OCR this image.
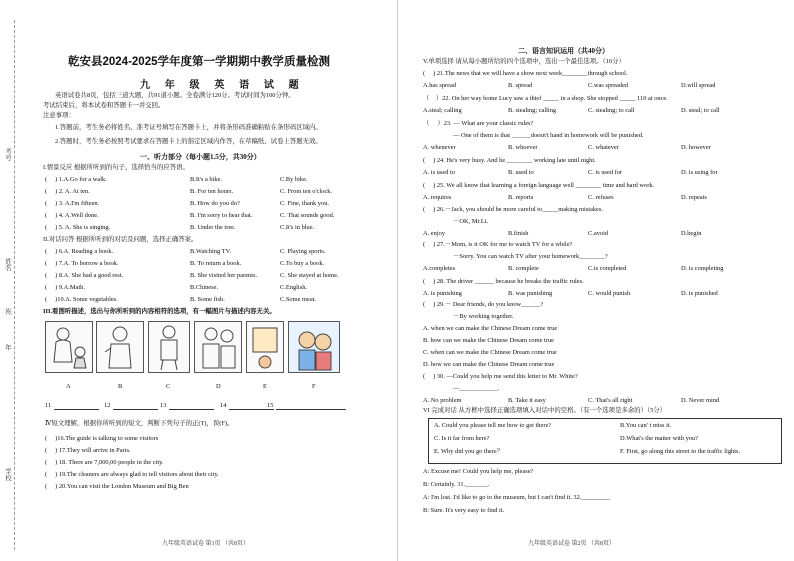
学校
年
班
姓名
考号
乾安县2024-2025学年度第一学期期中教学质量检测
九 年 级 英 语 试 题
英语试卷共8页，包括三道大题，共91道小题。全卷满分120分。考试时间为100分钟。
考试结束后，将本试卷和答题卡一并交回。
注意事项：
1.答题前，考生务必将姓名、准考证号填写在答题卡上，并将条形码准确粘贴在条形码区域内。
2.答题时，考生务必按照考试要求在答题卡上的指定区域内作答，在草稿纸、试卷上答题无效。
一、听力部分（每小题1.5分，共30分）
I.情景反应 根据所听到的句子，选择恰当的应答语。
(　 ) 1.A.Go for a walk.	B.It's a bike.	C.By bike.
(　 ) 2. A. At ten.	B. For ten hours.	C. From ten o'clock.
(　 ) 3. A.I'm fifteen.	B. How do you do?	C. Fine, thank you.
(　 ) 4. A.Well done.	B. I'm sorry to hear that.	C. That sounds good.
(　 ) 5. A. She is singing.	B. Under the tree.	C.It's in blue.
II.对话问答 根据所听到的对话及问题，选择正确答案。
(　 ) 6.A. Reading a book.	B.Watching TV.	C. Playing sports.
(　 ) 7.A. To borrow a book.	B. To return a book.	C.To buy a book.
(　 ) 8.A. She had a good rest.	B. She visited her parents.	C. She stayed at home.
(　 ) 9.A.Math.	B.Chinese.	C.English.
(　 )10.A. Some vegetables.	B. Some fish.	C.Some meat.
III.看图听描述，选出与你所听到的内容相符的选项，有一幅图片与描述内容无关。
A	B	C	D	E	F
11	12	13	14	15
Ⅳ短文理解，根据你所听到的短文，判断下列句子的正(T)，误(F)。
(　 )16.The guide is talking to some visitors
(　 ) 17.They will arrive in Paris.
(　 ) 18. There are 7,000,00 people in the city.
(　 ) 19.The cleaners are always glad to tell visitors about their city.
(　 ) 20.You can visit the London Museum and Big Ben
九年级英语试卷 第1页 （共8页）
二、语言知识运用（共40分）
V.单项选择 请从每小题所给的四个选项中，选出一个最佳选项。（10分）
(　 ) 21.The news that we will have a show next week________through school.
A.has spread	B. spread	C.was spreaded	D.will spread
（　）22. On her way home Lucy saw a thief _____ in a shop. She stopped _____ 110 at once.
A.steal; calling	B. stealing; calling	C. stealing; to call	D. steal; to call
（　 ）23. — What are your classic rules?
— One of them is that ______doesn't hand in homework will be punished.
A. whenever	B. whoever	C. whatever	D. however
(　 ) 24. He's very busy. And he ________ working late until night.
A. is used to	B. used to	C. is used for	D. is using for
(　 ) 25. We all know that learning a foreign language well ________ time and hard work.
A. requires	B. reports	C. refuses	D. repeats
(　 ) 26.－Jack, you should be more careful to_____making mistakes.
－OK, Mr.Li.
A. enjoy	B.finish	C.avoid	D.begin
(　 ) 27.－Mom, is it OK for me to watch TV for a while?
－Sorry. You can watch TV after your homework________?
A.completes	B. complete	C.is completed	D. is completing
(　 ) 28. The driver ______ because he breaks the traffic rules.
A. is punishing	B. was punishing	C. would punish	D. is punished
(　 ) 29.－ Dear friends, do you know______?
－By working together.
(　 ) 30. —Could you help me send this letter to Mr. White?
—____________.
A. No problem	B. Take it easy	C. That's all right	D. Never mind
A. when we can make the Chinese Dream come true
B. how can we make the Chinese Dream come true
C. when can we make the Chinese Dream come true
D. how we can make the Chinese Dream come true
VI 完成对话 从方框中选择正确选项填入对话中的空格。（有一个选项是多余的）（5分）
A. Could you please tell me how to get there?	B.You can' t miss it.
C. Is it far from here?	D.What's the matter with you?
E. Why did you go there？	F. First, go along this street to the traffic lights.
A: Excuse me! Could you help me, please?
B: Certainly. 31._______.
A: I'm lost. I'd like to go to the museum, but I can't find it. 32._________
B: Sure. It's very easy to find it.
九年级英语试卷 第2页 （共8页）
